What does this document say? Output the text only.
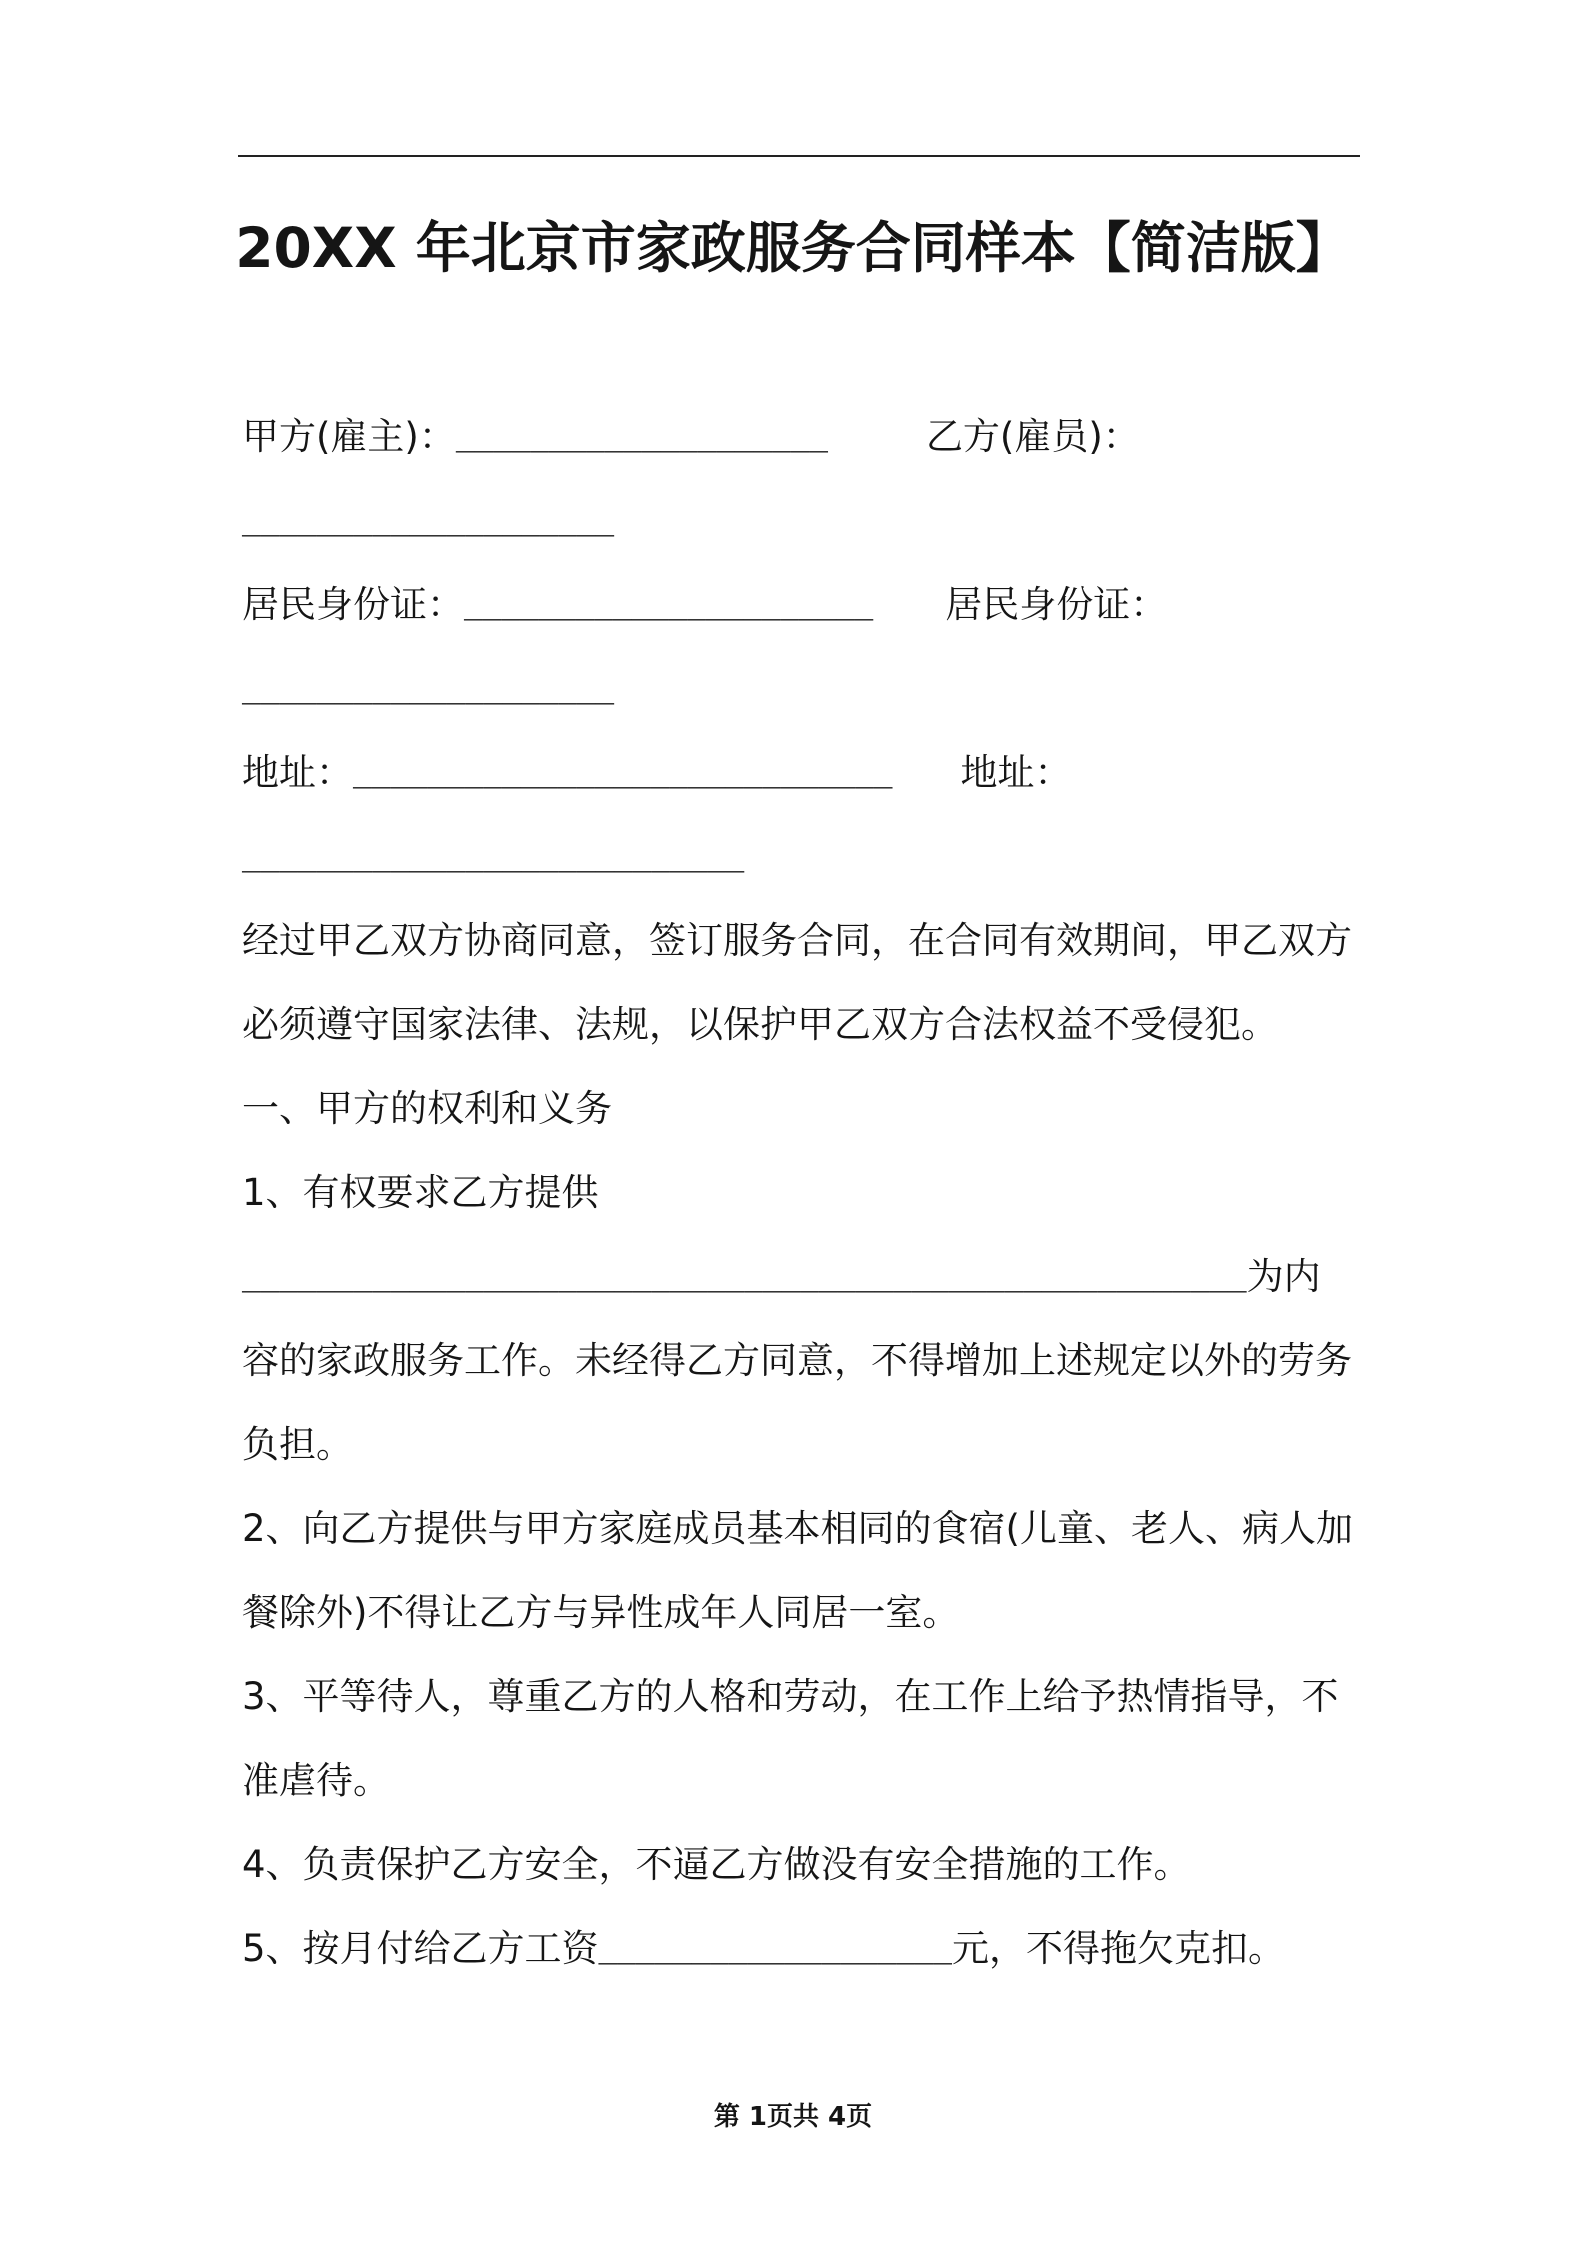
20XX 年北京市家政服务合同样本【简洁版】
甲方(雇主)：____________________	乙方(雇员)：
____________________
居民身份证：______________________ 居民身份证：
____________________
地址：_____________________________ 地址：
___________________________
经过甲乙双方协商同意，签订服务合同，在合同有效期间，甲乙双方
必须遵守国家法律、法规，以保护甲乙双方合法权益不受侵犯。
一、甲方的权利和义务
1、有权要求乙方提供
______________________________________________________为内
容的家政服务工作。未经得乙方同意，不得增加上述规定以外的劳务
负担。
2、向乙方提供与甲方家庭成员基本相同的食宿(儿童、老人、病人加
餐除外)不得让乙方与异性成年人同居一室。
3、平等待人，尊重乙方的人格和劳动，在工作上给予热情指导，不
准虐待。
4、负责保护乙方安全，不逼乙方做没有安全措施的工作。
5、按月付给乙方工资___________________元，不得拖欠克扣。
第 1页共 4页
